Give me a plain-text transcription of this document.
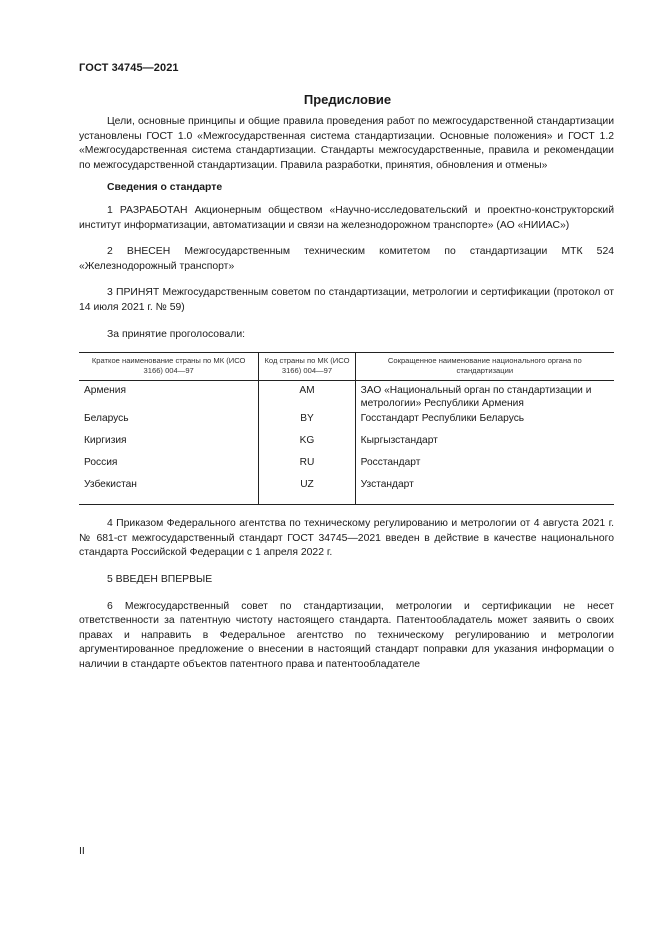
ГОСТ 34745—2021
Предисловие

Цели, основные принципы и общие правила проведения работ по межгосударственной стандартизации установлены ГОСТ 1.0 «Межгосударственная система стандартизации. Основные положения» и ГОСТ 1.2 «Межгосударственная система стандартизации. Стандарты межгосударственные, правила и рекомендации по межгосударственной стандартизации. Правила разработки, принятия, обновления и отмены»

Сведения о стандарте

1 РАЗРАБОТАН Акционерным обществом «Научно-исследовательский и проектно-конструкторский институт информатизации, автоматизации и связи на железнодорожном транспорте» (АО «НИИАС»)

2 ВНЕСЕН Межгосударственным техническим комитетом по стандартизации МТК 524 «Железнодорожный транспорт»

3 ПРИНЯТ Межгосударственным советом по стандартизации, метрологии и сертификации (протокол от 14 июля 2021 г. № 59)

За принятие проголосовали:

Краткое наименование страны по МК (ИСО 3166) 004—97	Код страны по МК (ИСО 3166) 004—97	Сокращенное наименование национального органа по стандартизации
Армения	AM	ЗАО «Национальный орган по стандартизации и метрологии» Республики Армения
Беларусь	BY	Госстандарт Республики Беларусь
Киргизия	KG	Кыргызстандарт
Россия	RU	Росстандарт
Узбекистан	UZ	Узстандарт

4 Приказом Федерального агентства по техническому регулированию и метрологии от 4 августа 2021 г. № 681-ст межгосударственный стандарт ГОСТ 34745—2021 введен в действие в качестве национального стандарта Российской Федерации с 1 апреля 2022 г.

5 ВВЕДЕН ВПЕРВЫЕ

6 Межгосударственный совет по стандартизации, метрологии и сертификации не несет ответственности за патентную чистоту настоящего стандарта. Патентообладатель может заявить о своих правах и направить в Федеральное агентство по техническому регулированию и метрологии аргументированное предложение о внесении в настоящий стандарт поправки для указания информации о наличии в стандарте объектов патентного права и патентообладателе

II
